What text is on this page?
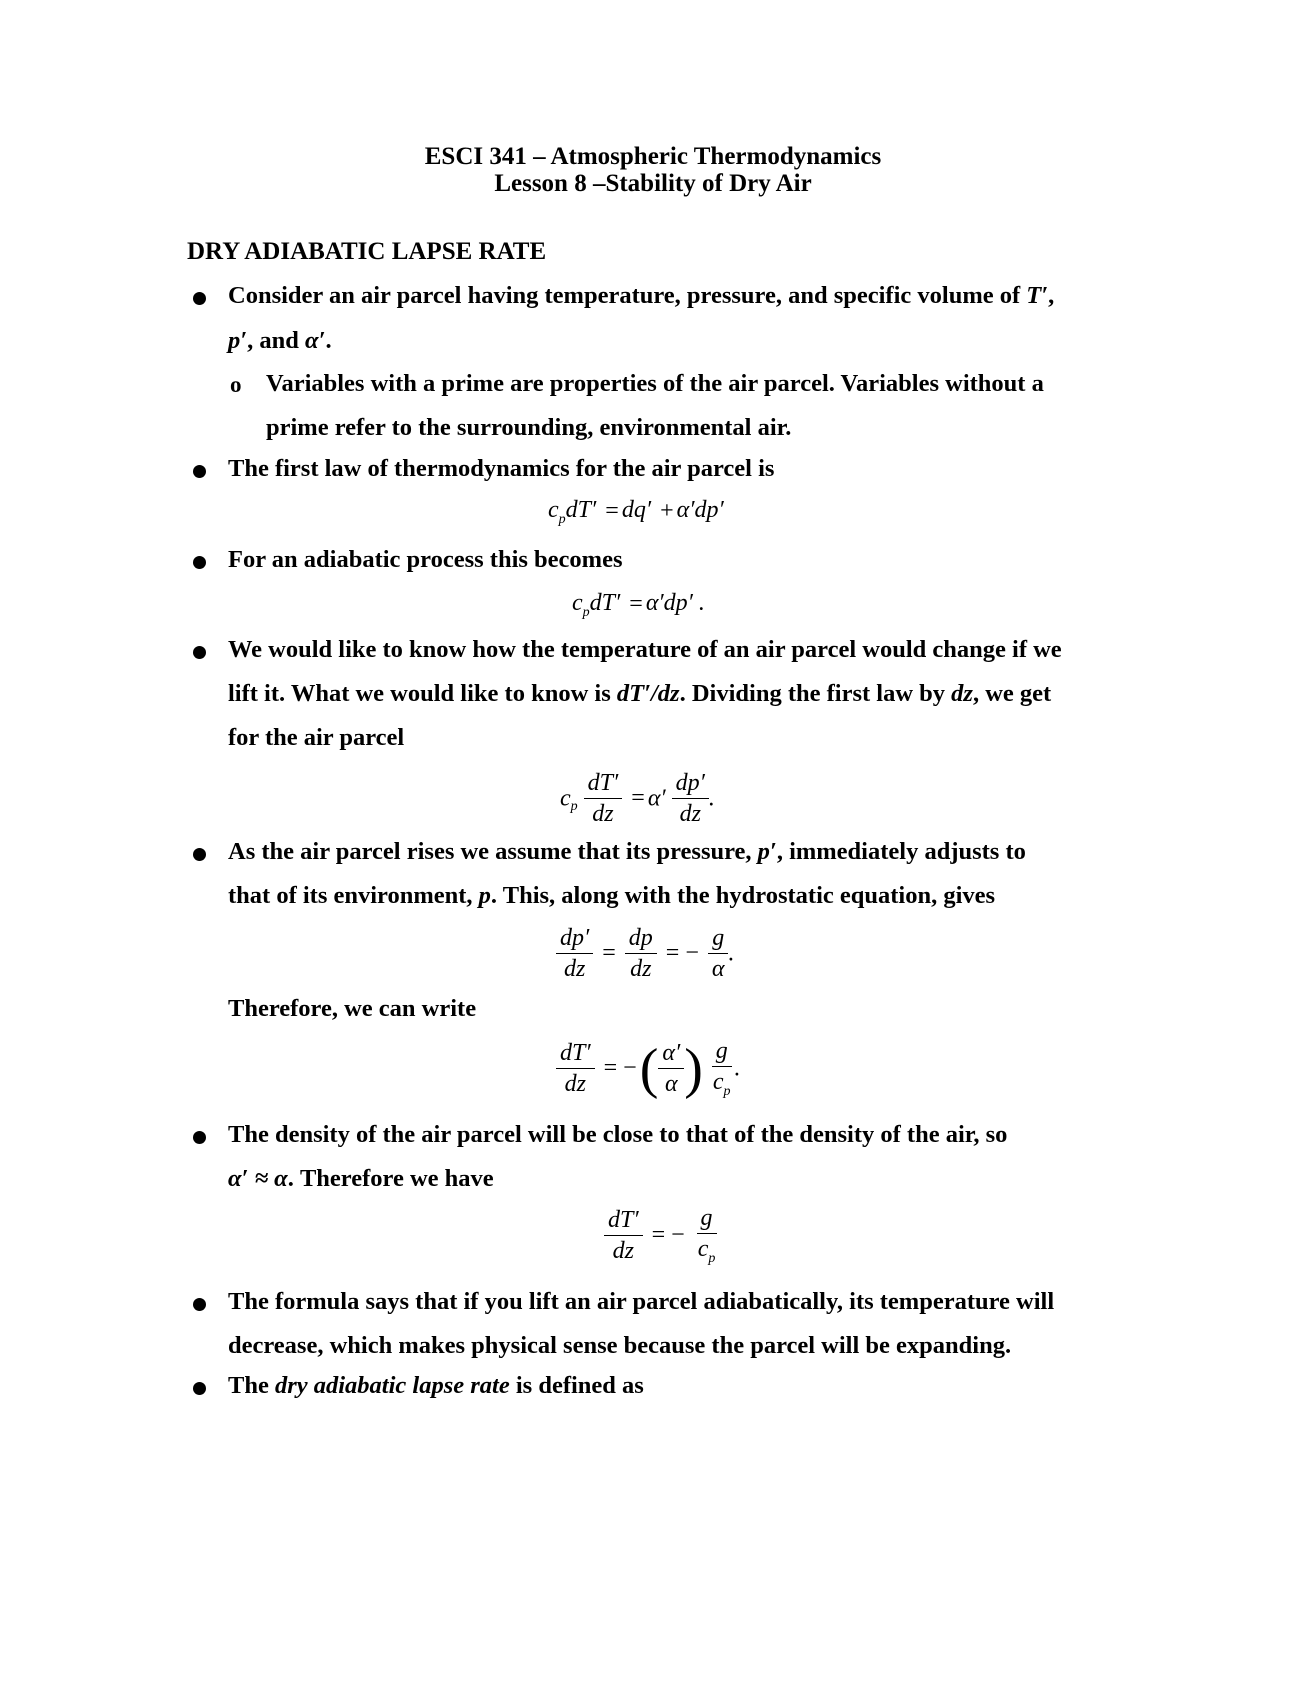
ESCI 341 – Atmospheric Thermodynamics
Lesson 8 –Stability of Dry Air
DRY ADIABATIC LAPSE RATE
Consider an air parcel having temperature, pressure, and specific volume of T′,
p′, and α′.
o Variables with a prime are properties of the air parcel. Variables without a
prime refer to the surrounding, environmental air.
The first law of thermodynamics for the air parcel is
$c_pdT' = dq' + \alpha'dp'$
For an adiabatic process this becomes
$c_pdT' = \alpha'dp'$ .
We would like to know how the temperature of an air parcel would change if we
lift it. What we would like to know is dT′/dz. Dividing the first law by dz, we get
for the air parcel
$c_p \frac{dT'}{dz} = \alpha' \frac{dp'}{dz}$ .
As the air parcel rises we assume that its pressure, p′, immediately adjusts to
that of its environment, p. This, along with the hydrostatic equation, gives
$\frac{dp'}{dz} = \frac{dp}{dz}$ = − $\frac{g}{\alpha}$ .
Therefore, we can write
$\frac{dT'}{dz}$ = −( $\frac{\alpha'}{\alpha}$ ) $\frac{g}{c_p}$ .
The density of the air parcel will be close to that of the density of the air, so
α′ ≈ α. Therefore we have
$\frac{dT'}{dz}$ = − $\frac{g}{c_p}$
The formula says that if you lift an air parcel adiabatically, its temperature will
decrease, which makes physical sense because the parcel will be expanding.
The dry adiabatic lapse rate is defined as
